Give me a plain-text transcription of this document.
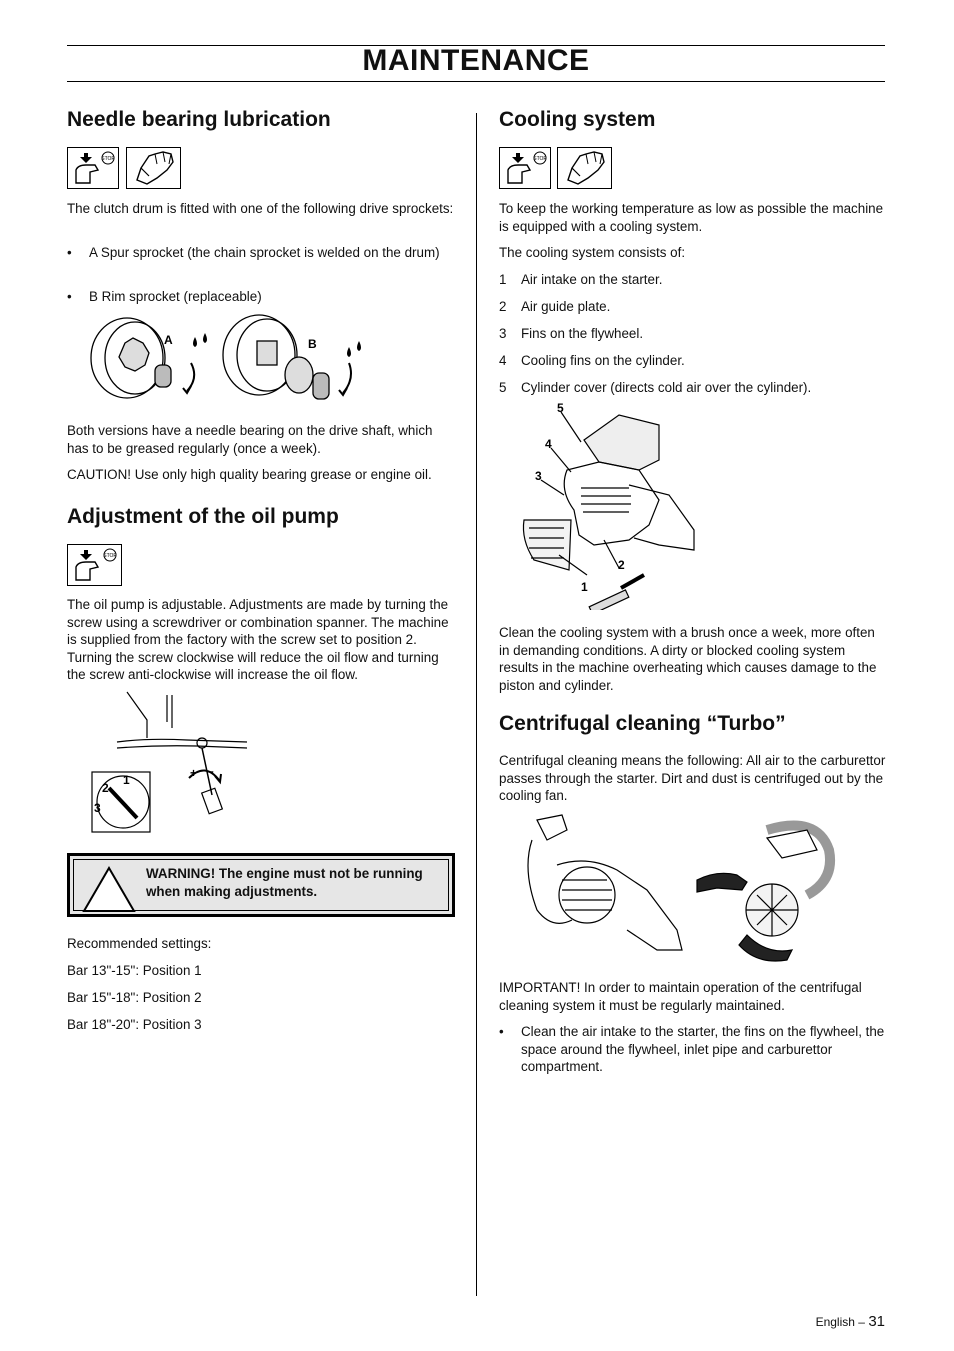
MAINTENANCE
Needle bearing lubrication
STOP

The clutch drum is fitted with one of the following drive sprockets:

• A Spur sprocket (the chain sprocket is welded on the drum)
• B Rim sprocket (replaceable)
A	B

Both versions have a needle bearing on the drive shaft, which has to be greased regularly (once a week).

CAUTION! Use only high quality bearing grease or engine oil.

Adjustment of the oil pump
STOP

The oil pump is adjustable. Adjustments are made by turning the screw using a screwdriver or combination spanner. The machine is supplied from the factory with the screw set to position 2. Turning the screw clockwise will reduce the oil flow and turning the screw anti-clockwise will increase the oil flow.

+ –
1
2
3
WARNING! The engine must not be running when making adjustments.

Recommended settings:

Bar 13"-15": Position 1

Bar 15"-18": Position 2

Bar 18"-20": Position 3

Cooling system
STOP

To keep the working temperature as low as possible the machine is equipped with a cooling system.

The cooling system consists of:

1 Air intake on the starter.
2 Air guide plate.
3 Fins on the flywheel.
4 Cooling fins on the cylinder.
5 Cylinder cover (directs cold air over the cylinder).
5
4
3
2
1

Clean the cooling system with a brush once a week, more often in demanding conditions. A dirty or blocked cooling system results in the machine overheating which causes damage to the piston and cylinder.

Centrifugal cleaning “Turbo”

Centrifugal cleaning means the following: All air to the carburettor passes through the starter. Dirt and dust is centrifuged out by the cooling fan.

IMPORTANT! In order to maintain operation of the centrifugal cleaning system it must be regularly maintained.

• Clean the air intake to the starter, the fins on the flywheel, the space around the flywheel, inlet pipe and carburettor compartment.
English – 31
